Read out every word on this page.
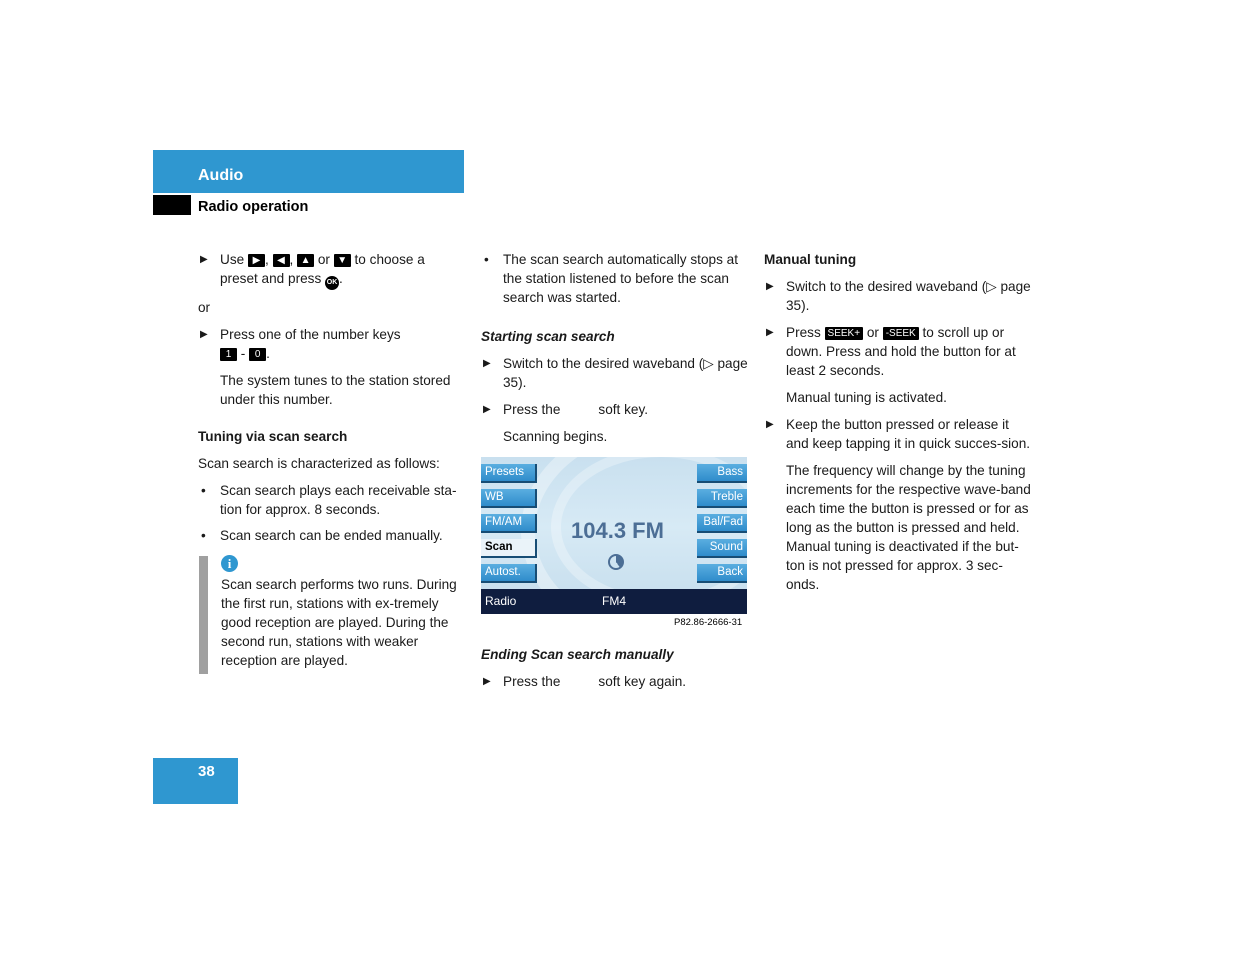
Audio
Radio operation
▶ Use ▶ , ◀ , ▲ or ▼ to choose a preset and press OK .

or

▶ Press one of the number keys
1 - 0 .

The system tunes to the station stored under this number.

Tuning via scan search

Scan search is characterized as follows:

• Scan search plays each receivable sta-tion for approx. 8 seconds.
• Scan search can be ended manually.
i

Scan search performs two runs. During the first run, stations with ex-tremely good reception are played. During the second run, stations with weaker reception are played.

• The scan search automatically stops at the station listened to before the scan search was started.

Starting scan search

▶ Switch to the desired waveband (▷ page 35).
▶ Press the	soft key.

Scanning begins.

Presets
WB
FM/AM
Scan
Autost.
Bass
Treble
Bal/Fad
Sound
Back
104.3 FM
Radio	FM4
P82.86-2666-31

Ending Scan search manually

▶ Press the	soft key again.

Manual tuning

▶ Switch to the desired waveband (▷ page 35).
▶ Press SEEK+ or -SEEK to scroll up or down. Press and hold the button for at least 2 seconds.

Manual tuning is activated.

▶ Keep the button pressed or release it and keep tapping it in quick succes-sion.

The frequency will change by the tuning increments for the respective wave-band each time the button is pressed or for as long as the button is pressed and held.

Manual tuning is deactivated if the but-ton is not pressed for approx. 3 sec-onds.

38
